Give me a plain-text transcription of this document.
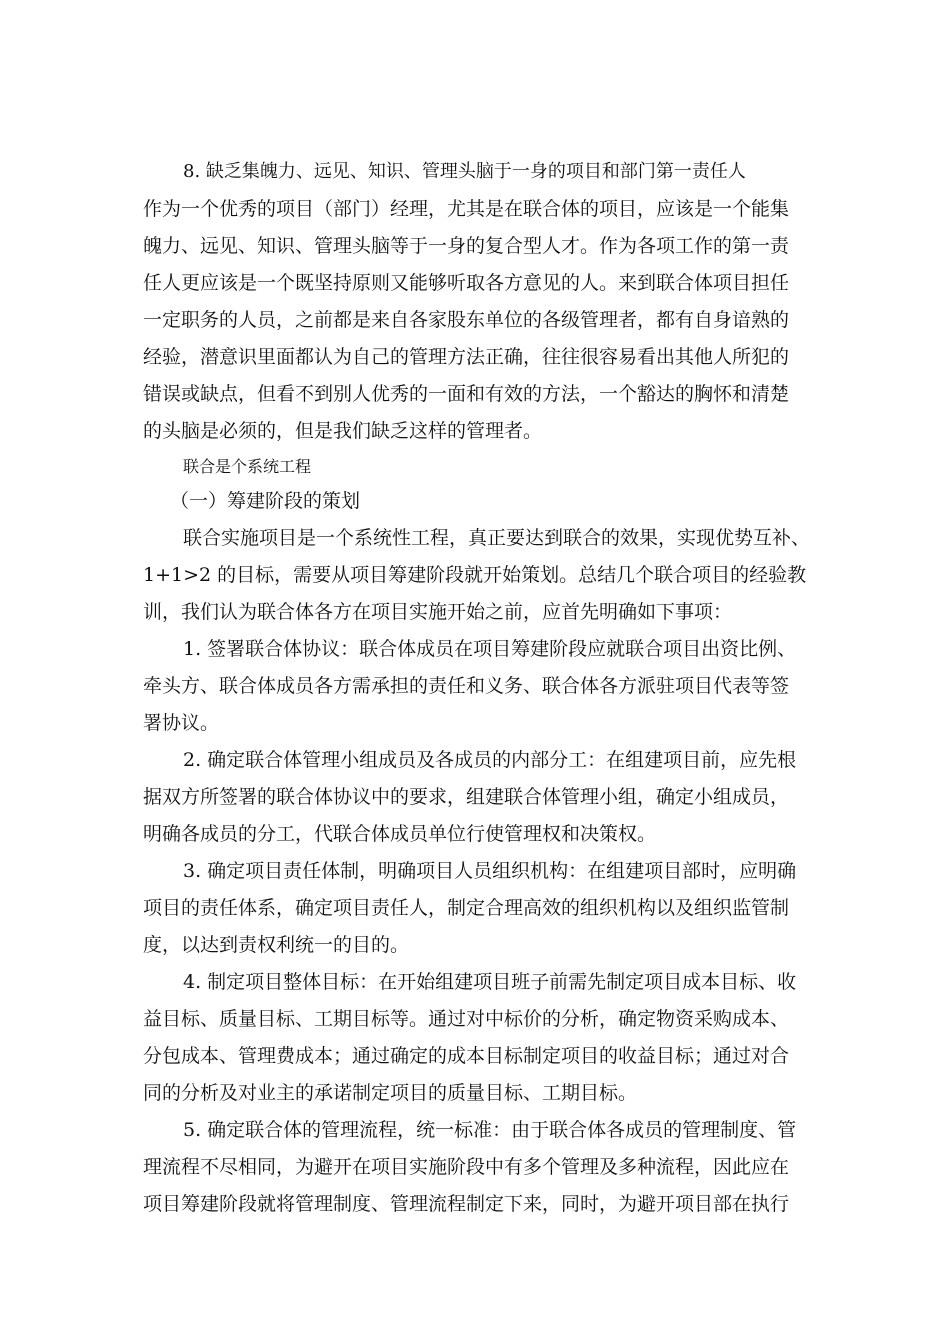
8. 缺乏集魄力、远见、知识、管理头脑于一身的项目和部门第一责任人
作为一个优秀的项目（部门）经理，尤其是在联合体的项目，应该是一个能集
魄力、远见、知识、管理头脑等于一身的复合型人才。作为各项工作的第一责
任人更应该是一个既坚持原则又能够听取各方意见的人。来到联合体项目担任
一定职务的人员，之前都是来自各家股东单位的各级管理者，都有自身谙熟的
经验，潜意识里面都认为自己的管理方法正确，往往很容易看出其他人所犯的
错误或缺点，但看不到别人优秀的一面和有效的方法，一个豁达的胸怀和清楚
的头脑是必须的，但是我们缺乏这样的管理者。
联合是个系统工程
（一）筹建阶段的策划
联合实施项目是一个系统性工程，真正要达到联合的效果，实现优势互补、
1+1>2 的目标，需要从项目筹建阶段就开始策划。总结几个联合项目的经验教
训，我们认为联合体各方在项目实施开始之前，应首先明确如下事项：
1. 签署联合体协议：联合体成员在项目筹建阶段应就联合项目出资比例、
牵头方、联合体成员各方需承担的责任和义务、联合体各方派驻项目代表等签
署协议。
2. 确定联合体管理小组成员及各成员的内部分工：在组建项目前，应先根
据双方所签署的联合体协议中的要求，组建联合体管理小组，确定小组成员，
明确各成员的分工，代联合体成员单位行使管理权和决策权。
3. 确定项目责任体制，明确项目人员组织机构：在组建项目部时，应明确
项目的责任体系，确定项目责任人，制定合理高效的组织机构以及组织监管制
度，以达到责权利统一的目的。
4. 制定项目整体目标：在开始组建项目班子前需先制定项目成本目标、收
益目标、质量目标、工期目标等。通过对中标价的分析，确定物资采购成本、
分包成本、管理费成本；通过确定的成本目标制定项目的收益目标；通过对合
同的分析及对业主的承诺制定项目的质量目标、工期目标。
5. 确定联合体的管理流程，统一标准：由于联合体各成员的管理制度、管
理流程不尽相同，为避开在项目实施阶段中有多个管理及多种流程，因此应在
项目筹建阶段就将管理制度、管理流程制定下来，同时，为避开项目部在执行
